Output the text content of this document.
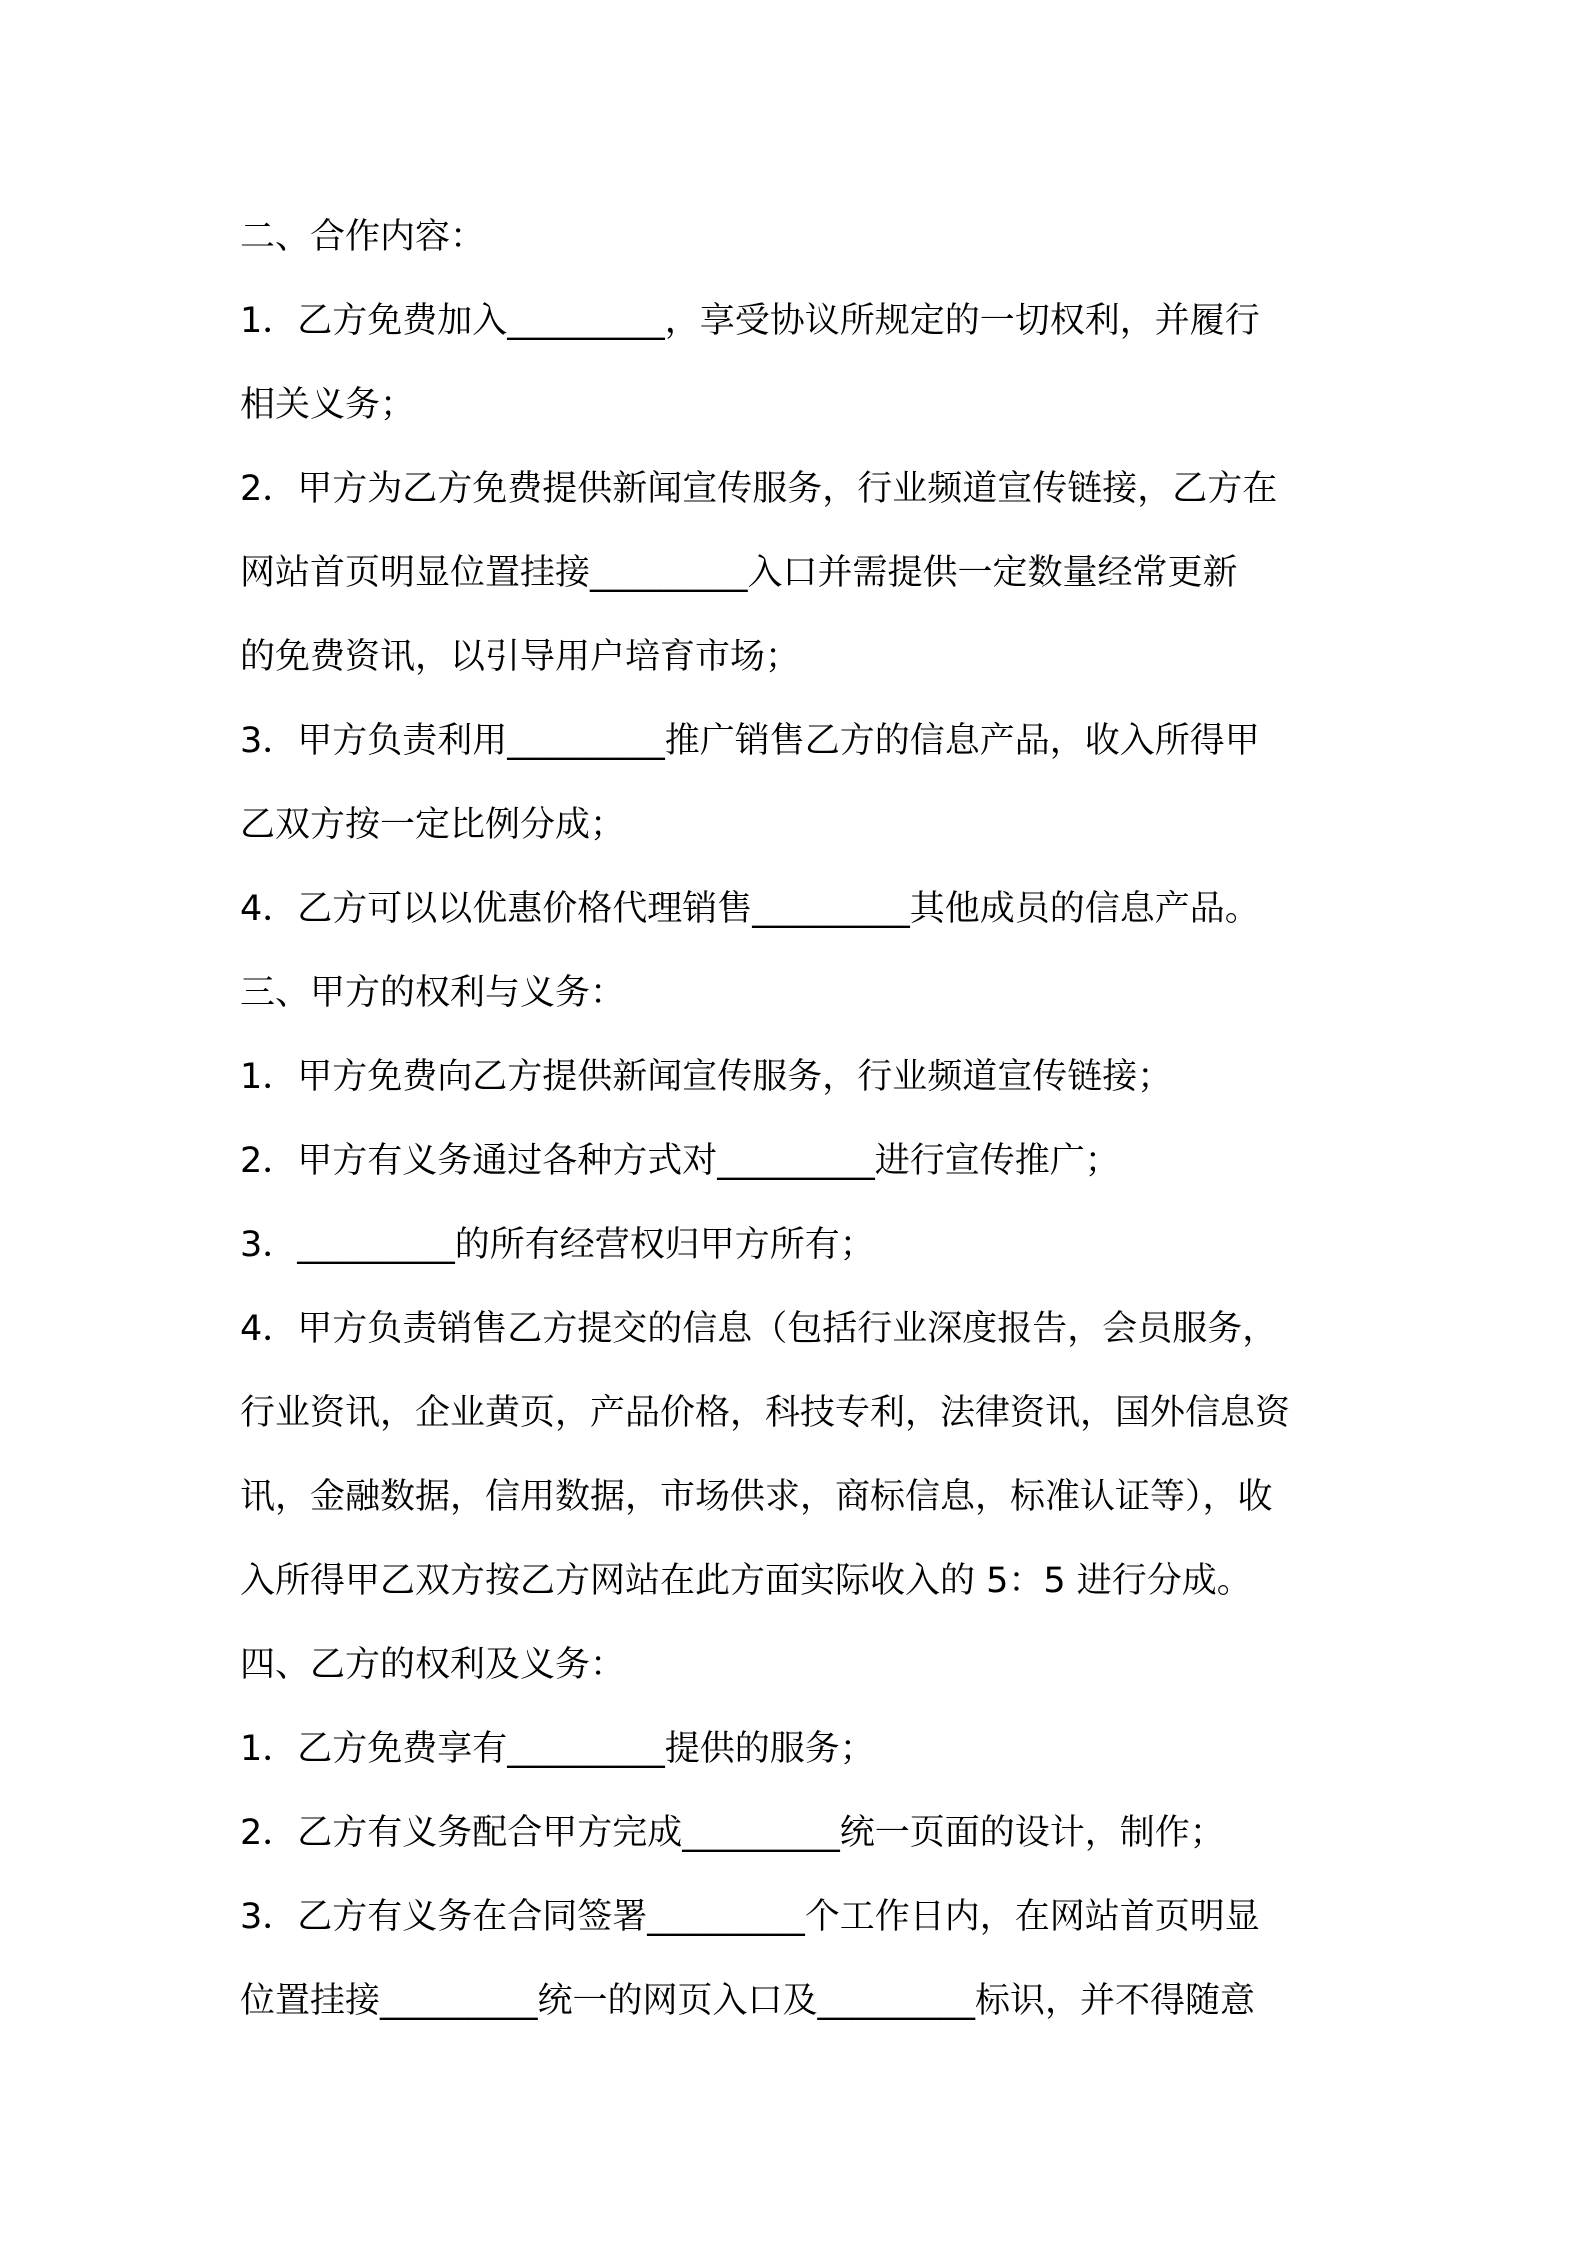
二、合作内容：
1．乙方免费加入_________，享受协议所规定的一切权利，并履行
相关义务；
2．甲方为乙方免费提供新闻宣传服务，行业频道宣传链接，乙方在
网站首页明显位置挂接_________入口并需提供一定数量经常更新
的免费资讯，以引导用户培育市场；
3．甲方负责利用_________推广销售乙方的信息产品，收入所得甲
乙双方按一定比例分成；
4．乙方可以以优惠价格代理销售_________其他成员的信息产品。
三、甲方的权利与义务：
1．甲方免费向乙方提供新闻宣传服务，行业频道宣传链接；
2．甲方有义务通过各种方式对_________进行宣传推广；
3．_________的所有经营权归甲方所有；
4．甲方负责销售乙方提交的信息（包括行业深度报告，会员服务，
行业资讯，企业黄页，产品价格，科技专利，法律资讯，国外信息资
讯，金融数据，信用数据，市场供求，商标信息，标准认证等），收
入所得甲乙双方按乙方网站在此方面实际收入的 5：5 进行分成。
四、乙方的权利及义务：
1．乙方免费享有_________提供的服务；
2．乙方有义务配合甲方完成_________统一页面的设计，制作；
3．乙方有义务在合同签署_________个工作日内，在网站首页明显
位置挂接_________统一的网页入口及_________标识，并不得随意
